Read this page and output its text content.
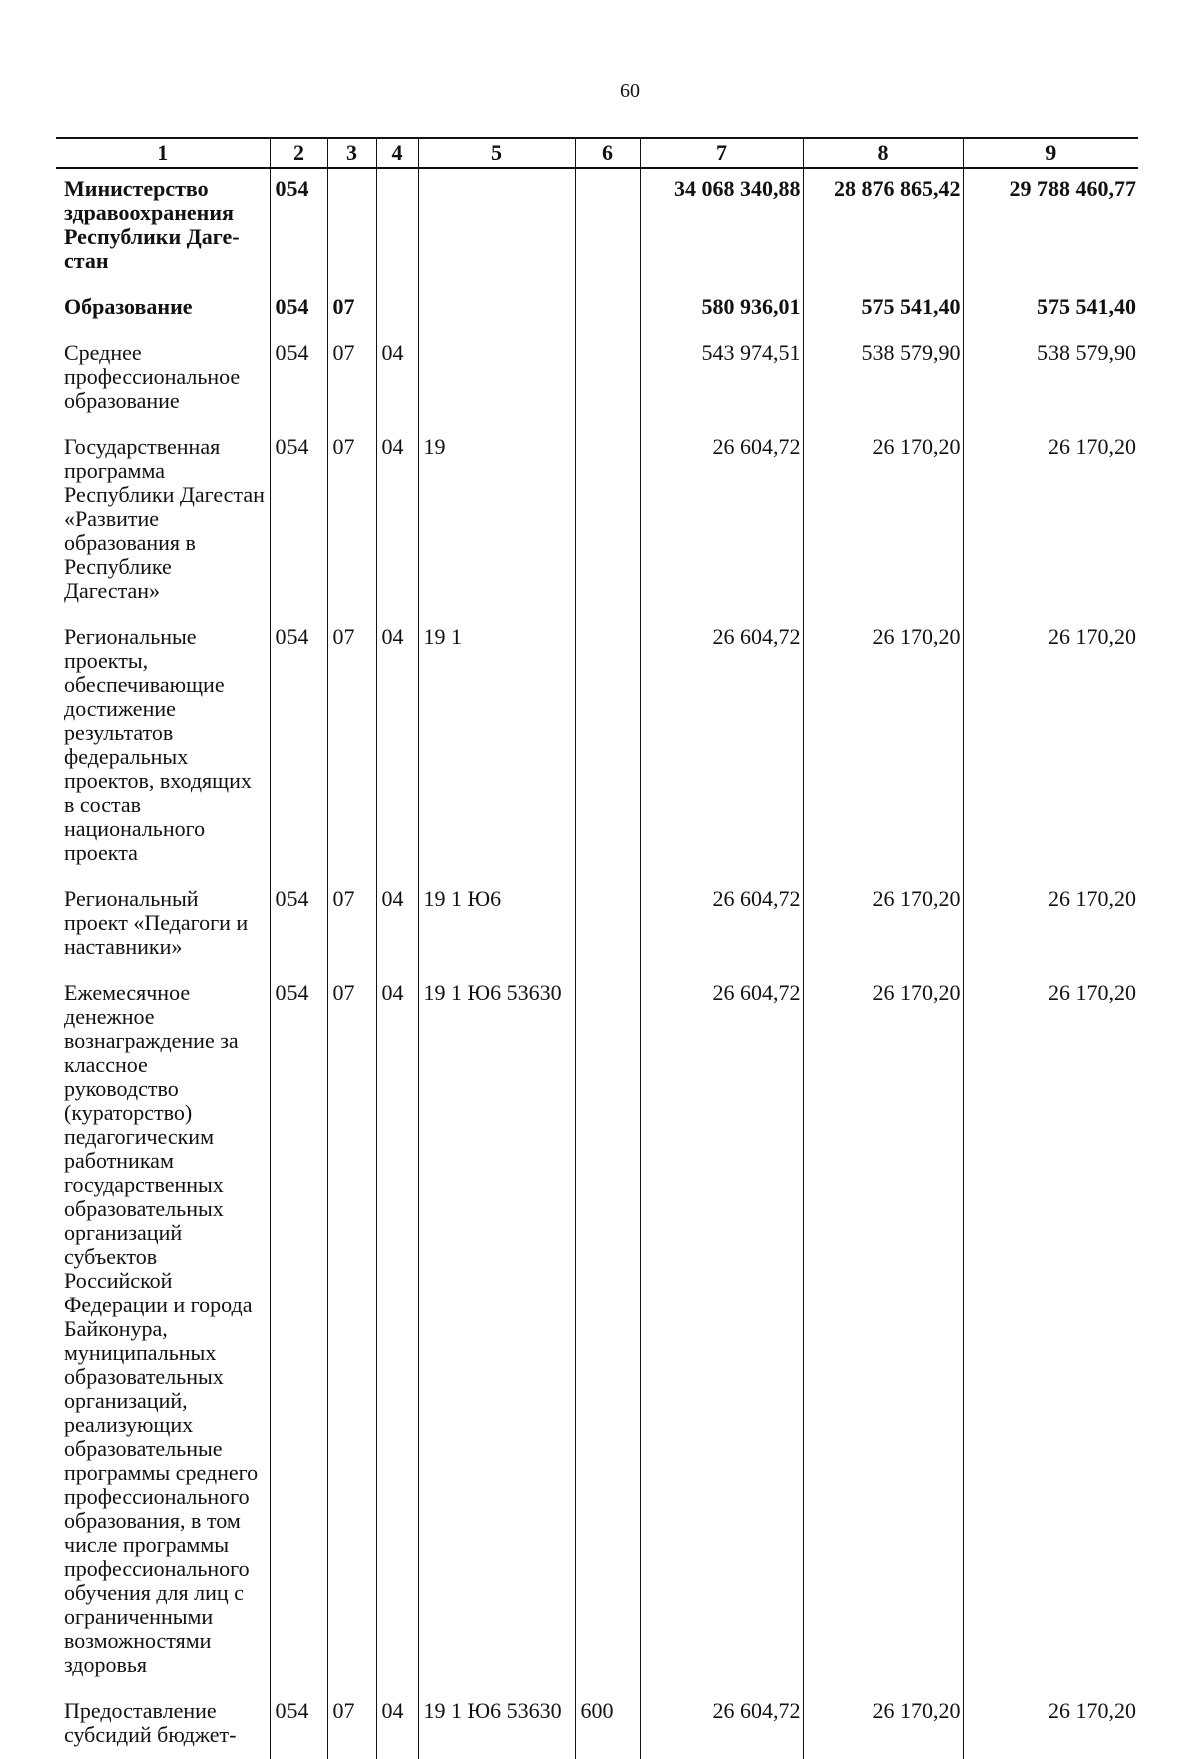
60
1	2	3	4	5	6	7	8	9
Министерство здравоохранения Республики Даге-стан	054					34 068 340,88	28 876 865,42	29 788 460,77
Образование	054	07				580 936,01	575 541,40	575 541,40
Среднее профессиональное образование	054	07	04			543 974,51	538 579,90	538 579,90
Государственная программа Республики Дагестан «Развитие образования в Республике Дагестан»	054	07	04	19		26 604,72	26 170,20	26 170,20
Региональные проекты, обеспечивающие достижение результатов федеральных проектов, входящих в состав национального проекта	054	07	04	19 1		26 604,72	26 170,20	26 170,20
Региональный проект «Педагоги и наставники»	054	07	04	19 1 Ю6		26 604,72	26 170,20	26 170,20
Ежемесячное денежное вознаграждение за классное руководство (кураторство) педагогическим работникам государственных образовательных организаций субъектов Российской Федерации и города Байконура, муниципальных образовательных организаций, реализующих образовательные программы среднего профессионального образования, в том числе программы профессионального обучения для лиц с ограниченными возможностями здоровья	054	07	04	19 1 Ю6 53630		26 604,72	26 170,20	26 170,20
Предоставление субсидий бюджет-	054	07	04	19 1 Ю6 53630	600	26 604,72	26 170,20	26 170,20
